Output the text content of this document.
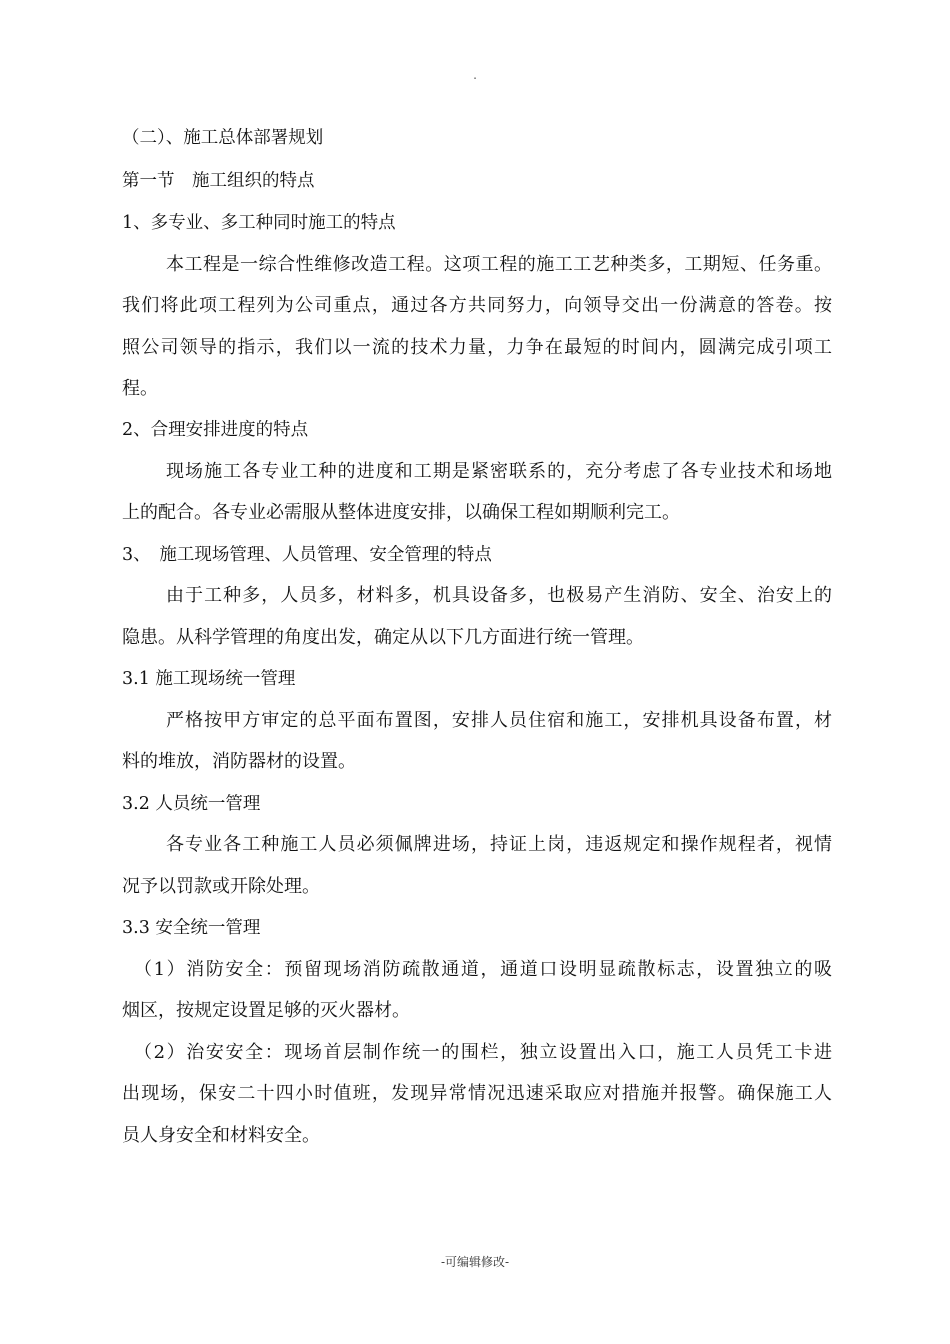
.
（二）、施工总体部署规划
第一节　施工组织的特点
1、多专业、多工种同时施工的特点
本工程是一综合性维修改造工程。这项工程的施工工艺种类多，工期短、任务重。
我们将此项工程列为公司重点，通过各方共同努力，向领导交出一份满意的答卷。按
照公司领导的指示，我们以一流的技术力量，力争在最短的时间内，圆满完成引项工
程。
2、合理安排进度的特点
现场施工各专业工种的进度和工期是紧密联系的，充分考虑了各专业技术和场地
上的配合。各专业必需服从整体进度安排，以确保工程如期顺利完工。
3、　施工现场管理、人员管理、安全管理的特点
由于工种多，人员多，材料多，机具设备多，也极易产生消防、安全、治安上的
隐患。从科学管理的角度出发，确定从以下几方面进行统一管理。
3.1 施工现场统一管理
严格按甲方审定的总平面布置图，安排人员住宿和施工，安排机具设备布置，材
料的堆放，消防器材的设置。
3.2 人员统一管理
各专业各工种施工人员必须佩牌进场，持证上岗，违返规定和操作规程者，视情
况予以罚款或开除处理。
3.3 安全统一管理
（1）消防安全：预留现场消防疏散通道，通道口设明显疏散标志，设置独立的吸
烟区，按规定设置足够的灭火器材。
（2）治安安全：现场首层制作统一的围栏，独立设置出入口，施工人员凭工卡进
出现场，保安二十四小时值班，发现异常情况迅速采取应对措施并报警。确保施工人
员人身安全和材料安全。
-可编辑修改-
